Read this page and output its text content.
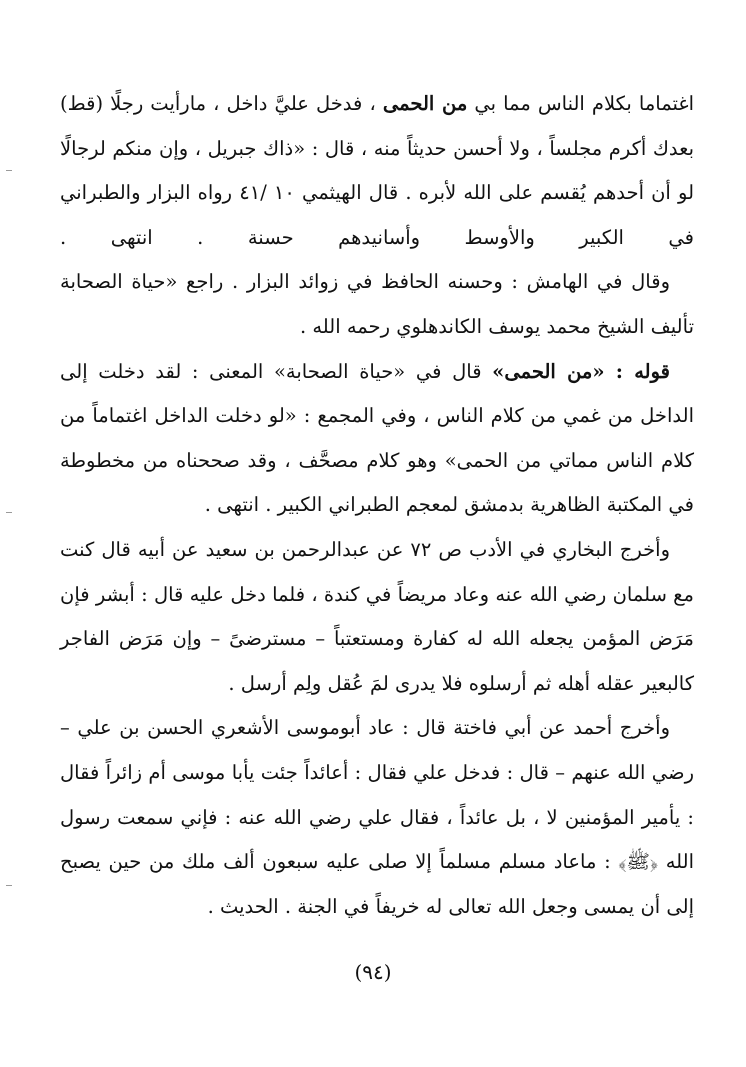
اغتماما بكلام الناس مما بي من الحمى ، فدخل عليَّ داخل ، مارأيت رجلًا (قط) بعدك أكرم مجلساً ، ولا أحسن حديثاً منه ، قال : «ذاك جبريل ، وإن منكم لرجالًا لو أن أحدهم يُقسم على الله لأبره . قال الهيثمي ١٠ /٤١ رواه البزار والطبراني في الكبير والأوسط وأسانيدهم حسنة . انتهى .

وقال في الهامش : وحسنه الحافظ في زوائد البزار . راجع «حياة الصحابة تأليف الشيخ محمد يوسف الكاندهلوي رحمه الله .

قوله : «من الحمى» قال في «حياة الصحابة» المعنى : لقد دخلت إلى الداخل من غمي من كلام الناس ، وفي المجمع : «لو دخلت الداخل اغتماماً من كلام الناس مماتي من الحمى» وهو كلام مصحَّف ، وقد صححناه من مخطوطة في المكتبة الظاهرية بدمشق لمعجم الطبراني الكبير . انتهى .

وأخرج البخاري في الأدب ص ٧٢ عن عبدالرحمن بن سعيد عن أبيه قال كنت مع سلمان رضي الله عنه وعاد مريضاً في كندة ، فلما دخل عليه قال : أبشر فإن مَرَض المؤمن يجعله الله له كفارة ومستعتباً – مسترضىً – وإن مَرَض الفاجر كالبعير عقله أهله ثم أرسلوه فلا يدرى لمَ عُقل ولِم أرسل .

وأخرج أحمد عن أبي فاختة قال : عاد أبوموسى الأشعري الحسن بن علي – رضي الله عنهم – قال : فدخل علي فقال : أعائداً جئت يأبا موسى أم زائراً فقال : يأمير المؤمنين لا ، بل عائداً ، فقال علي رضي الله عنه : فإني سمعت رسول الله ﴿ﷺ﴾ : ماعاد مسلم مسلماً إلا صلى عليه سبعون ألف ملك من حين يصبح إلى أن يمسى وجعل الله تعالى له خريفاً في الجنة . الحديث .

(٩٤)
